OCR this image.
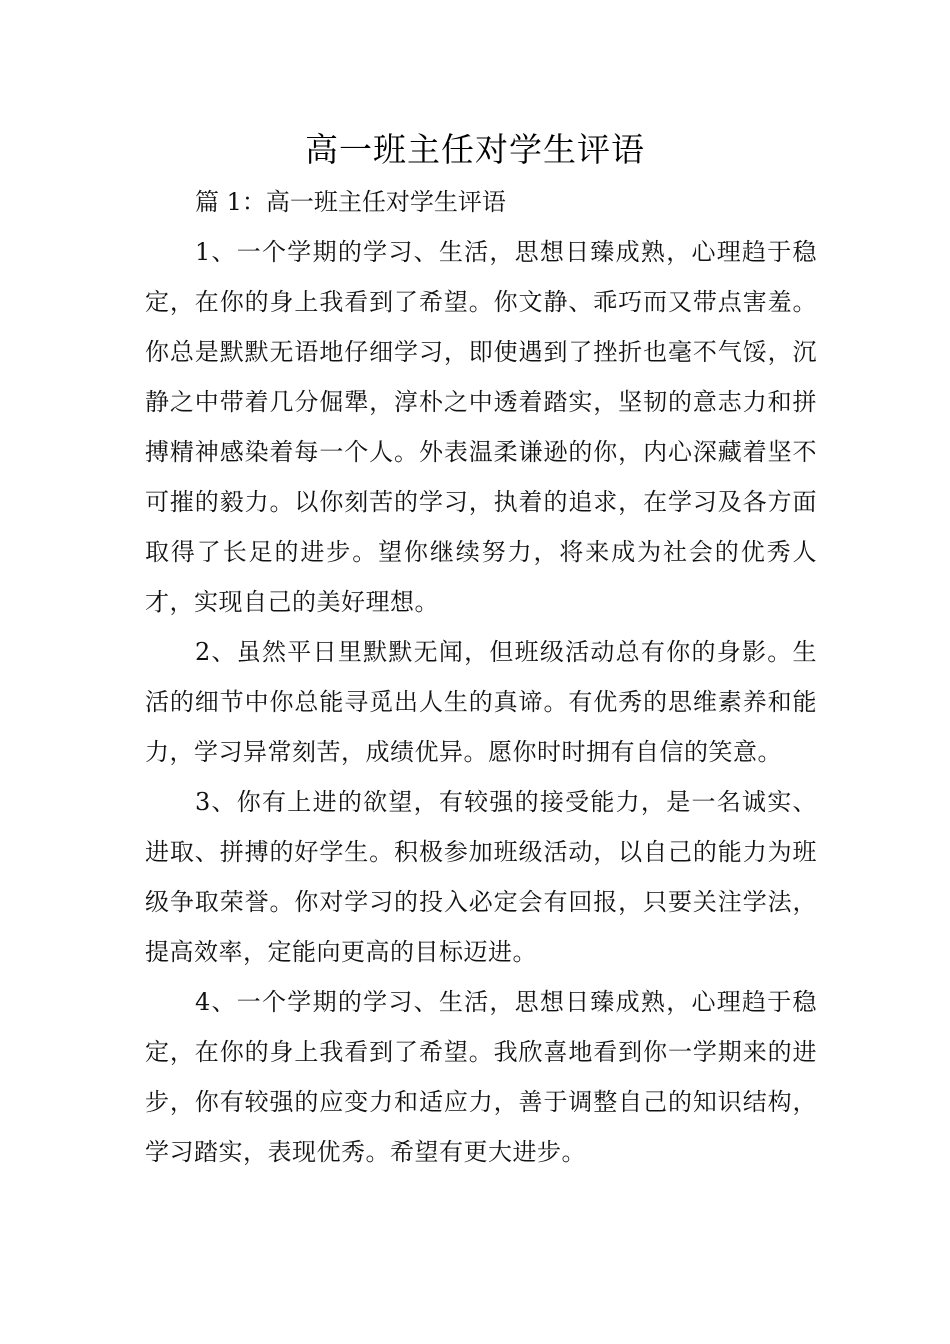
高一班主任对学生评语

篇 1：高一班主任对学生评语

1、一个学期的学习、生活，思想日臻成熟，心理趋于稳定，在你的身上我看到了希望。你文静、乖巧而又带点害羞。你总是默默无语地仔细学习，即使遇到了挫折也毫不气馁，沉静之中带着几分倔犟，淳朴之中透着踏实，坚韧的意志力和拼搏精神感染着每一个人。外表温柔谦逊的你，内心深藏着坚不可摧的毅力。以你刻苦的学习，执着的追求，在学习及各方面取得了长足的进步。望你继续努力，将来成为社会的优秀人才，实现自己的美好理想。

2、虽然平日里默默无闻，但班级活动总有你的身影。生活的细节中你总能寻觅出人生的真谛。有优秀的思维素养和能力，学习异常刻苦，成绩优异。愿你时时拥有自信的笑意。

3、你有上进的欲望，有较强的接受能力，是一名诚实、进取、拼搏的好学生。积极参加班级活动，以自己的能力为班级争取荣誉。你对学习的投入必定会有回报，只要关注学法，提高效率，定能向更高的目标迈进。

4、一个学期的学习、生活，思想日臻成熟，心理趋于稳定，在你的身上我看到了希望。我欣喜地看到你一学期来的进步，你有较强的应变力和适应力，善于调整自己的知识结构，学习踏实，表现优秀。希望有更大进步。
